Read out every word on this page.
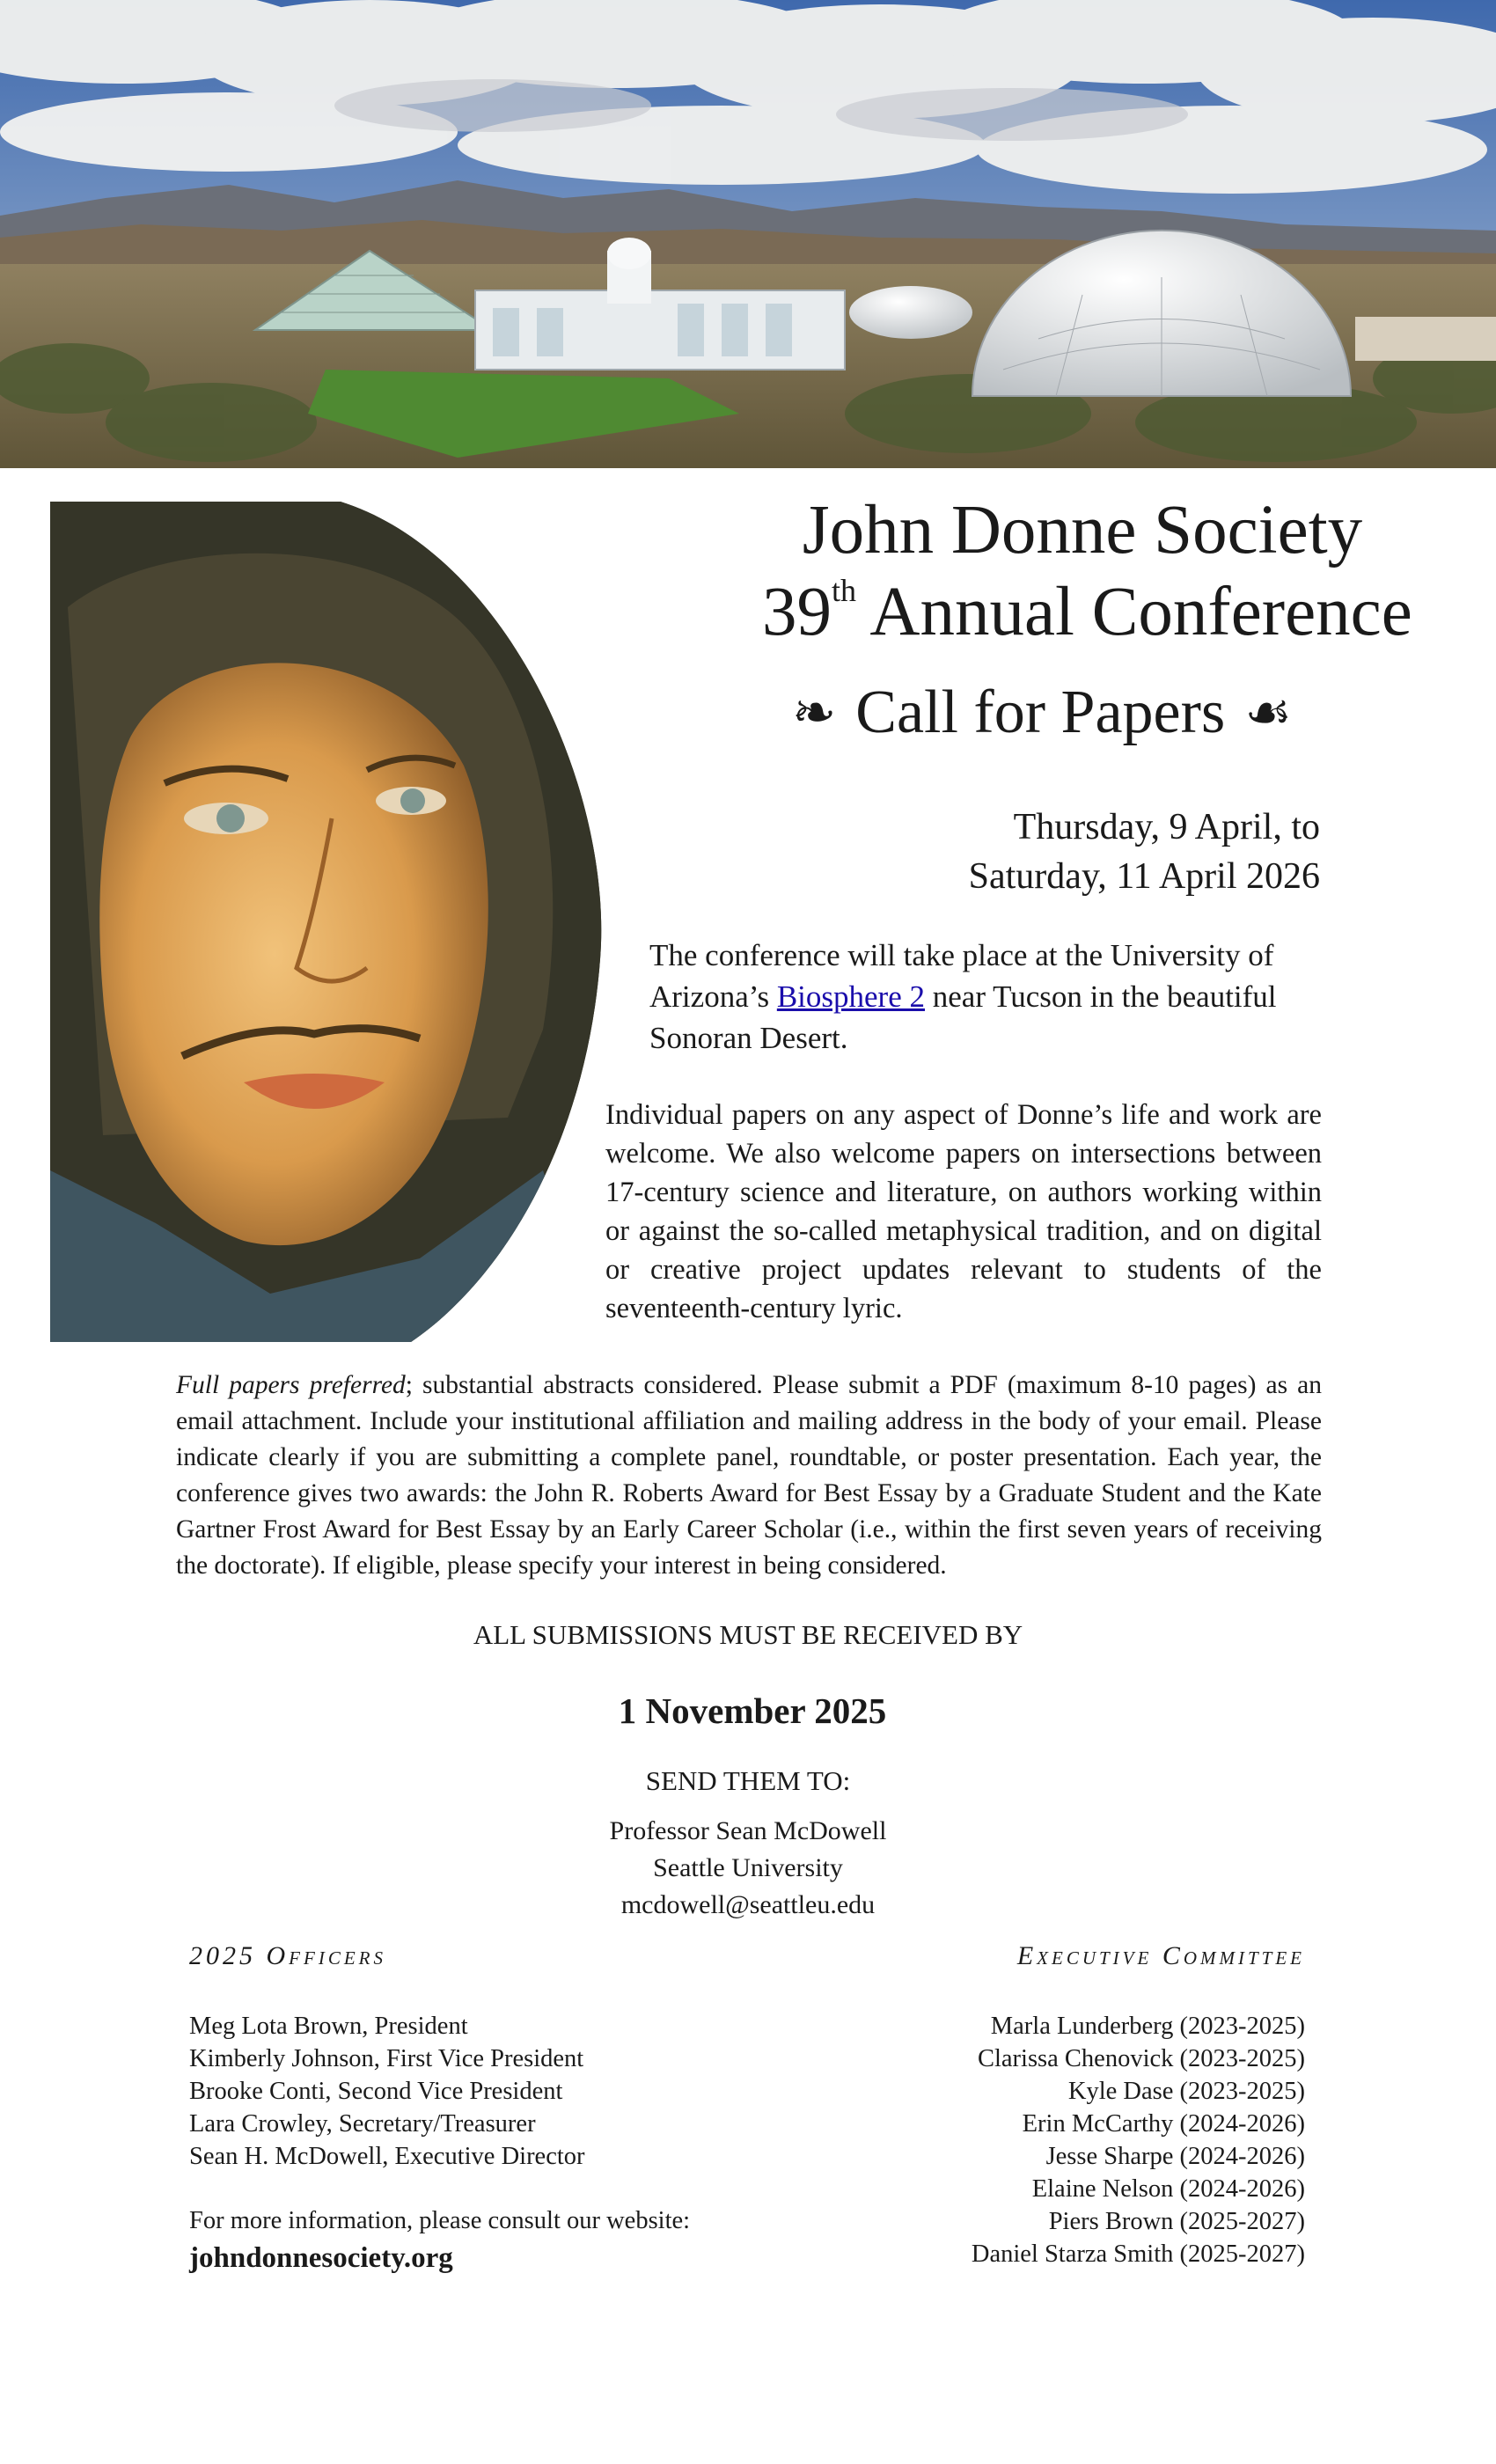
John Donne Society
39th Annual Conference
❧ Call for Papers ☙
Thursday, 9 April, to
Saturday, 11 April 2026
The conference will take place at the University of Arizona’s Biosphere 2 near Tucson in the beautiful Sonoran Desert.
Individual papers on any aspect of Donne’s life and work are welcome. We also welcome papers on intersections between 17-century science and literature, on authors working within or against the so-called metaphysical tradition, and on digital or creative project updates relevant to students of the seventeenth-century lyric.
Full papers preferred; substantial abstracts considered. Please submit a PDF (maximum 8-10 pages) as an email attachment. Include your institutional affiliation and mailing address in the body of your email. Please indicate clearly if you are submitting a complete panel, roundtable, or poster presentation. Each year, the conference gives two awards: the John R. Roberts Award for Best Essay by a Graduate Student and the Kate Gartner Frost Award for Best Essay by an Early Career Scholar (i.e., within the first seven years of receiving the doctorate). If eligible, please specify your interest in being considered.
ALL SUBMISSIONS MUST BE RECEIVED BY
1 November 2025
SEND THEM TO:
Professor Sean McDowell
Seattle University
mcdowell@seattleu.edu
2025 Officers	Executive Committee
Meg Lota Brown, President
Kimberly Johnson, First Vice President
Brooke Conti, Second Vice President
Lara Crowley, Secretary/Treasurer
Sean H. McDowell, Executive Director
For more information, please consult our website:
johndonnesociety.org
Marla Lunderberg (2023-2025)
Clarissa Chenovick (2023-2025)
Kyle Dase (2023-2025)
Erin McCarthy (2024-2026)
Jesse Sharpe (2024-2026)
Elaine Nelson (2024-2026)
Piers Brown (2025-2027)
Daniel Starza Smith (2025-2027)
